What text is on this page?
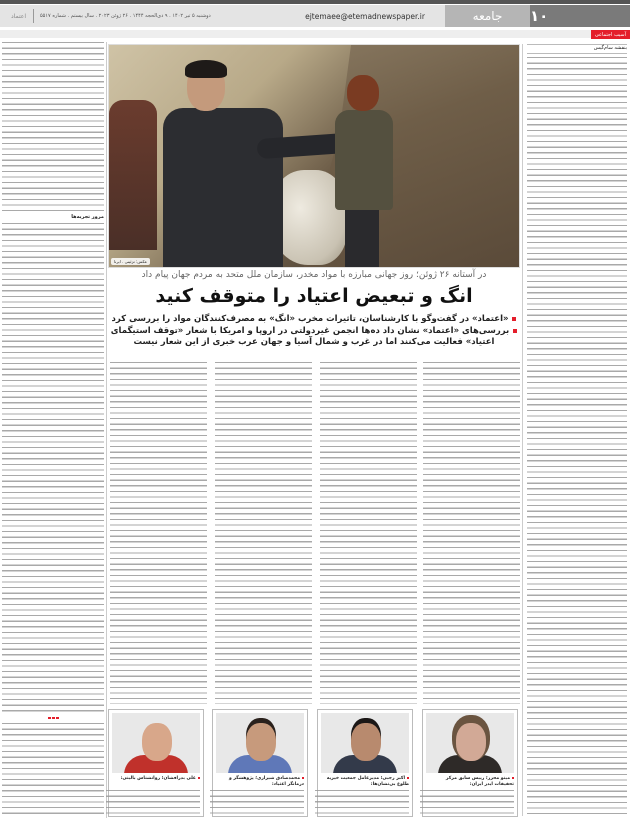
۱۰
جامعه
ejtemaee@etemadnewspaper.ir
دوشنبه ۵ تیر ۱۴۰۲ . ۹ ذی‌الحجه ۱۴۴۴ . ۲۶ ژوئن ۲۰۲۳ . سال بیستم . شماره ۵۵۱۷
اعتماد
آسیب اجتماعی
بنفشه سام‌گیس
مرور تجربه‌ها
عکس: تزئینی . ایرنا
در آستانه ۲۶ ژوئن؛ روز جهانی مبارزه با مواد مخدر، سازمان ملل متحد به مردم جهان پیام داد
انگ و تبعیض اعتیاد را متوقف کنید
«اعتماد» در گفت‌وگو با کارشناسان، تاثیرات مخرب «انگ» به مصرف‌کنندگان مواد را بررسی کرد
بررسی‌های «اعتماد» نشان داد ده‌ها انجمن غیردولتی در اروپا و امریکا با شعار «توقف استیگمای اعتیاد» فعالیت می‌کنند اما در غرب و شمال آسیا و جهان عرب خبری از این شعار نیست
مینو محرز؛ رییس سابق مرکز تحقیقات ایدز ایران:
اکبر رجبی؛ مدیرعامل جمعیت خیریه طلوع بی‌نشان‌ها:
محمدصادق شیرازی؛ پژوهشگر و درمانگر اعتیاد:
علی بدرافشان؛ روانشناس بالینی:
